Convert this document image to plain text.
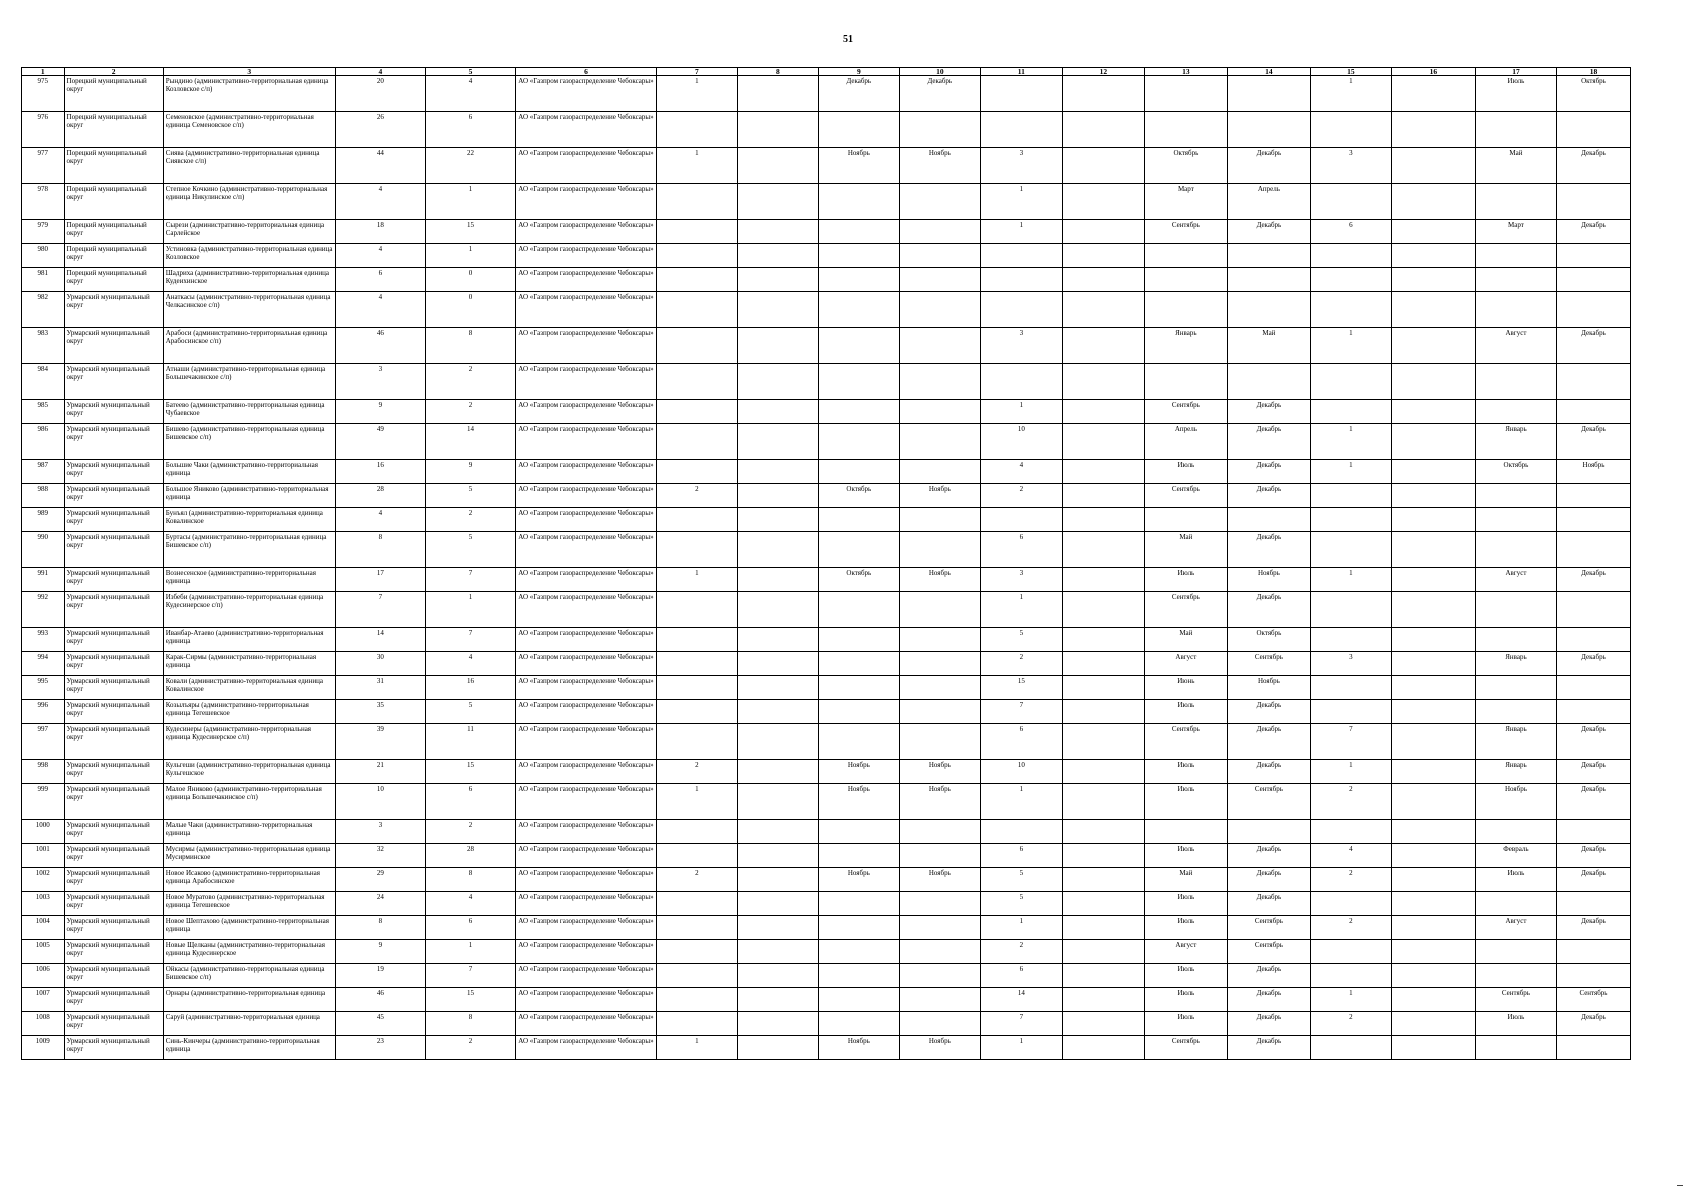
51
1	2	3	4	5	6	7	8	9	10	11	12	13	14	15	16	17	18
975	Порецкий муниципальный округ	Рындино (административно-территориальная единица Козловское с/п)	20	4	АО «Газпром газораспределение Чебоксары»	1		Декабрь	Декабрь					1		Июль	Октябрь
976	Порецкий муниципальный округ	Семеновское (административно-территориальная единица Семеновское с/п)	26	6	АО «Газпром газораспределение Чебоксары»												
977	Порецкий муниципальный округ	Сиява (административно-территориальная единица Сиявское с/п)	44	22	АО «Газпром газораспределение Чебоксары»	1		Ноябрь	Ноябрь	3		Октябрь	Декабрь	3		Май	Декабрь
978	Порецкий муниципальный округ	Степное Кочкино (административно-территориальная единица Никулинское с/п)	4	1	АО «Газпром газораспределение Чебоксары»					1		Март	Апрель				
979	Порецкий муниципальный округ	Сырези (административно-территориальная единица Сарлейское	18	15	АО «Газпром газораспределение Чебоксары»					1		Сентябрь	Декабрь	6		Март	Декабрь
980	Порецкий муниципальный округ	Устиновка (административно-территориальная единица Козловское	4	1	АО «Газпром газораспределение Чебоксары»												
981	Порецкий муниципальный округ	Шадриха (административно-территориальная единица Кудеихинское	6	0	АО «Газпром газораспределение Чебоксары»												
982	Урмарский муниципальный округ	Анаткасы (административно-территориальная единица Челкасинское с/п)	4	0	АО «Газпром газораспределение Чебоксары»												
983	Урмарский муниципальный округ	Арабоси (административно-территориальная единица Арабосинское с/п)	46	8	АО «Газпром газораспределение Чебоксары»					3		Январь	Май	1		Август	Декабрь
984	Урмарский муниципальный округ	Атнаши (административно-территориальная единица Большечакинское с/п)	3	2	АО «Газпром газораспределение Чебоксары»												
985	Урмарский муниципальный округ	Батеево (административно-территориальная единица Чубаевское	9	2	АО «Газпром газораспределение Чебоксары»					1		Сентябрь	Декабрь				
986	Урмарский муниципальный округ	Бишево (административно-территориальная единица Бишевское с/п)	49	14	АО «Газпром газораспределение Чебоксары»					10		Апрель	Декабрь	1		Январь	Декабрь
987	Урмарский муниципальный округ	Большие Чаки (административно-территориальная единица	16	9	АО «Газпром газораспределение Чебоксары»					4		Июль	Декабрь	1		Октябрь	Ноябрь
988	Урмарский муниципальный округ	Большое Яниково (административно-территориальная единица	28	5	АО «Газпром газораспределение Чебоксары»	2		Октябрь	Ноябрь	2		Сентябрь	Декабрь				
989	Урмарский муниципальный округ	Бунъял (административно-территориальная единица Ковалинское	4	2	АО «Газпром газораспределение Чебоксары»												
990	Урмарский муниципальный округ	Буртасы (административно-территориальная единица Бишевское с/п)	8	5	АО «Газпром газораспределение Чебоксары»					6		Май	Декабрь				
991	Урмарский муниципальный округ	Вознесенское (административно-территориальная единица	17	7	АО «Газпром газораспределение Чебоксары»	1		Октябрь	Ноябрь	3		Июль	Ноябрь	1		Август	Декабрь
992	Урмарский муниципальный округ	Избеби (административно-территориальная единица Кудесинерское с/п)	7	1	АО «Газпром газораспределение Чебоксары»					1		Сентябрь	Декабрь				
993	Урмарский муниципальный округ	Иванбар-Атаево (административно-территориальная единица	14	7	АО «Газпром газораспределение Чебоксары»					5		Май	Октябрь				
994	Урмарский муниципальный округ	Карак-Сирмы (административно-территориальная единица	30	4	АО «Газпром газораспределение Чебоксары»					2		Август	Сентябрь	3		Январь	Декабрь
995	Урмарский муниципальный округ	Ковали (административно-территориальная единица Ковалинское	31	16	АО «Газпром газораспределение Чебоксары»					15		Июнь	Ноябрь				
996	Урмарский муниципальный округ	Козылъяры (административно-территориальная единица Тегешевское	35	5	АО «Газпром газораспределение Чебоксары»					7		Июль	Декабрь				
997	Урмарский муниципальный округ	Кудесинеры (административно-территориальная единица Кудесинерское с/п)	39	11	АО «Газпром газораспределение Чебоксары»					6		Сентябрь	Декабрь	7		Январь	Декабрь
998	Урмарский муниципальный округ	Кульгеши (административно-территориальная единица Кульгешское	21	15	АО «Газпром газораспределение Чебоксары»	2		Ноябрь	Ноябрь	10		Июль	Декабрь	1		Январь	Декабрь
999	Урмарский муниципальный округ	Малое Яниково (административно-территориальная единица Большечакинское с/п)	10	6	АО «Газпром газораспределение Чебоксары»	1		Ноябрь	Ноябрь	1		Июль	Сентябрь	2		Ноябрь	Декабрь
1000	Урмарский муниципальный округ	Малые Чаки (административно-территориальная единица	3	2	АО «Газпром газораспределение Чебоксары»												
1001	Урмарский муниципальный округ	Мусирмы (административно-территориальная единица Мусирминское	32	28	АО «Газпром газораспределение Чебоксары»					6		Июль	Декабрь	4		Февраль	Декабрь
1002	Урмарский муниципальный округ	Новое Исаково (административно-территориальная единица Арабосинское	29	8	АО «Газпром газораспределение Чебоксары»	2		Ноябрь	Ноябрь	5		Май	Декабрь	2		Июль	Декабрь
1003	Урмарский муниципальный округ	Новое Муратово (административно-территориальная единица Тегешевское	24	4	АО «Газпром газораспределение Чебоксары»					5		Июль	Декабрь				
1004	Урмарский муниципальный округ	Новое Шептахово (административно-территориальная единица	8	6	АО «Газпром газораспределение Чебоксары»					1		Июль	Сентябрь	2		Август	Декабрь
1005	Урмарский муниципальный округ	Новые Щелканы (административно-территориальная единица Кудесинерское	9	1	АО «Газпром газораспределение Чебоксары»					2		Август	Сентябрь				
1006	Урмарский муниципальный округ	Ойкасы (административно-территориальная единица Бишевское с/п)	19	7	АО «Газпром газораспределение Чебоксары»					6		Июль	Декабрь				
1007	Урмарский муниципальный округ	Орнары (административно-территориальная единица	46	15	АО «Газпром газораспределение Чебоксары»					14		Июль	Декабрь	1		Сентябрь	Сентябрь
1008	Урмарский муниципальный округ	Саруй (административно-территориальная единица	45	8	АО «Газпром газораспределение Чебоксары»					7		Июль	Декабрь	2		Июль	Декабрь
1009	Урмарский муниципальный округ	Синь-Кинчеры (административно-территориальная единица	23	2	АО «Газпром газораспределение Чебоксары»	1		Ноябрь	Ноябрь	1		Сентябрь	Декабрь				
